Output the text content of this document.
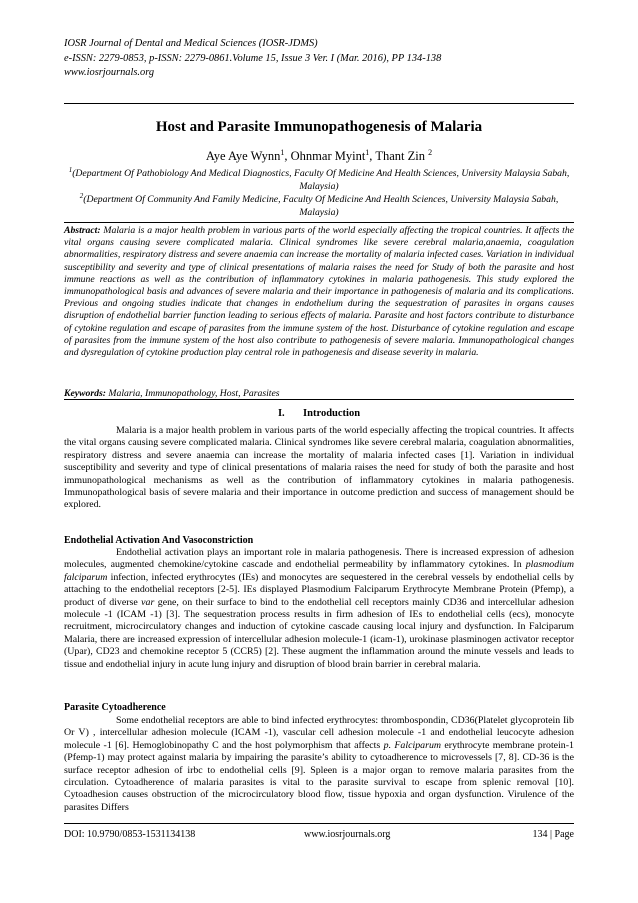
IOSR Journal of Dental and Medical Sciences (IOSR-JDMS)
e-ISSN: 2279-0853, p-ISSN: 2279-0861.Volume 15, Issue 3 Ver. I (Mar. 2016), PP 134-138
www.iosrjournals.org
Host and Parasite Immunopathogenesis of Malaria
Aye Aye Wynn$^1$, Ohnmar Myint$^1$, Thant Zin $^2$
$^1$(Department Of Pathobiology And Medical Diagnostics, Faculty Of Medicine And Health Sciences, University Malaysia Sabah, Malaysia)
$^2$(Department Of Community And Family Medicine, Faculty Of Medicine And Health Sciences, University Malaysia Sabah, Malaysia)
Abstract: Malaria is a major health problem in various parts of the world especially affecting the tropical countries. It affects the vital organs causing severe complicated malaria. Clinical syndromes like severe cerebral malaria,anaemia, coagulation abnormalities, respiratory distress and severe anaemia can increase the mortality of malaria infected cases. Variation in individual susceptibility and severity and type of clinical presentations of malaria raises the need for Study of both the parasite and host immune reactions as well as the contribution of inflammatory cytokines in malaria pathogenesis. This study explored the immunopathological basis and advances of severe malaria and their importance in pathogenesis of malaria and its complications. Previous and ongoing studies indicate that changes in endothelium during the sequestration of parasites in organs causes disruption of endothelial barrier function leading to serious effects of malaria. Parasite and host factors contribute to disturbance of cytokine regulation and escape of parasites from the immune system of the host. Disturbance of cytokine regulation and escape of parasites from the immune system of the host also contribute to pathogenesis of severe malaria. Immunopathological changes and dysregulation of cytokine production play central role in pathogenesis and disease severity in malaria.
Keywords: Malaria, Immunopathology, Host, Parasites
I. Introduction
Malaria is a major health problem in various parts of the world especially affecting the tropical countries. It affects the vital organs causing severe complicated malaria. Clinical syndromes like severe cerebral malaria, coagulation abnormalities, respiratory distress and severe anaemia can increase the mortality of malaria infected cases [1]. Variation in individual susceptibility and severity and type of clinical presentations of malaria raises the need for study of both the parasite and host immunopathological mechanisms as well as the contribution of inflammatory cytokines in malaria pathogenesis. Immunopathological basis of severe malaria and their importance in outcome prediction and success of management should be explored.
Endothelial Activation And Vasoconstriction
Endothelial activation plays an important role in malaria pathogenesis. There is increased expression of adhesion molecules, augmented chemokine/cytokine cascade and endothelial permeability by inflammatory cytokines. In plasmodium falciparum infection, infected erythrocytes (IEs) and monocytes are sequestered in the cerebral vessels by endothelial cells by attaching to the endothelial receptors [2-5]. IEs displayed Plasmodium Falciparum Erythrocyte Membrane Protein (Pfemp), a product of diverse var gene, on their surface to bind to the endothelial cell receptors mainly CD36 and intercellular adhesion molecule -1 (ICAM -1) [3]. The sequestration process results in firm adhesion of IEs to endothelial cells (ecs), monocyte recruitment, microcirculatory changes and induction of cytokine cascade causing local injury and dysfunction. In Falciparum Malaria, there are increased expression of intercellular adhesion molecule-1 (icam-1), urokinase plasminogen activator receptor (Upar), CD23 and chemokine receptor 5 (CCR5) [2]. These augment the inflammation around the minute vessels and leads to tissue and endothelial injury in acute lung injury and disruption of blood brain barrier in cerebral malaria.
Parasite Cytoadherence
Some endothelial receptors are able to bind infected erythrocytes: thrombospondin, CD36(Platelet glycoprotein Iib Or V) , intercellular adhesion molecule (ICAM -1), vascular cell adhesion molecule -1 and endothelial leucocyte adhesion molecule -1 [6]. Hemoglobinopathy C and the host polymorphism that affects p. Falciparum erythrocyte membrane protein-1 (Pfemp-1) may protect against malaria by impairing the parasite’s ability to cytoadherence to microvessels [7, 8]. CD-36 is the surface receptor adhesion of irbc to endothelial cells [9]. Spleen is a major organ to remove malaria parasites from the circulation. Cytoadherence of malaria parasites is vital to the parasite survival to escape from splenic removal [10]. Cytoadhesion causes obstruction of the microcirculatory blood flow, tissue hypoxia and organ dysfunction. Virulence of the parasites Differs
DOI: 10.9790/0853-1531134138	www.iosrjournals.org	134 | Page
